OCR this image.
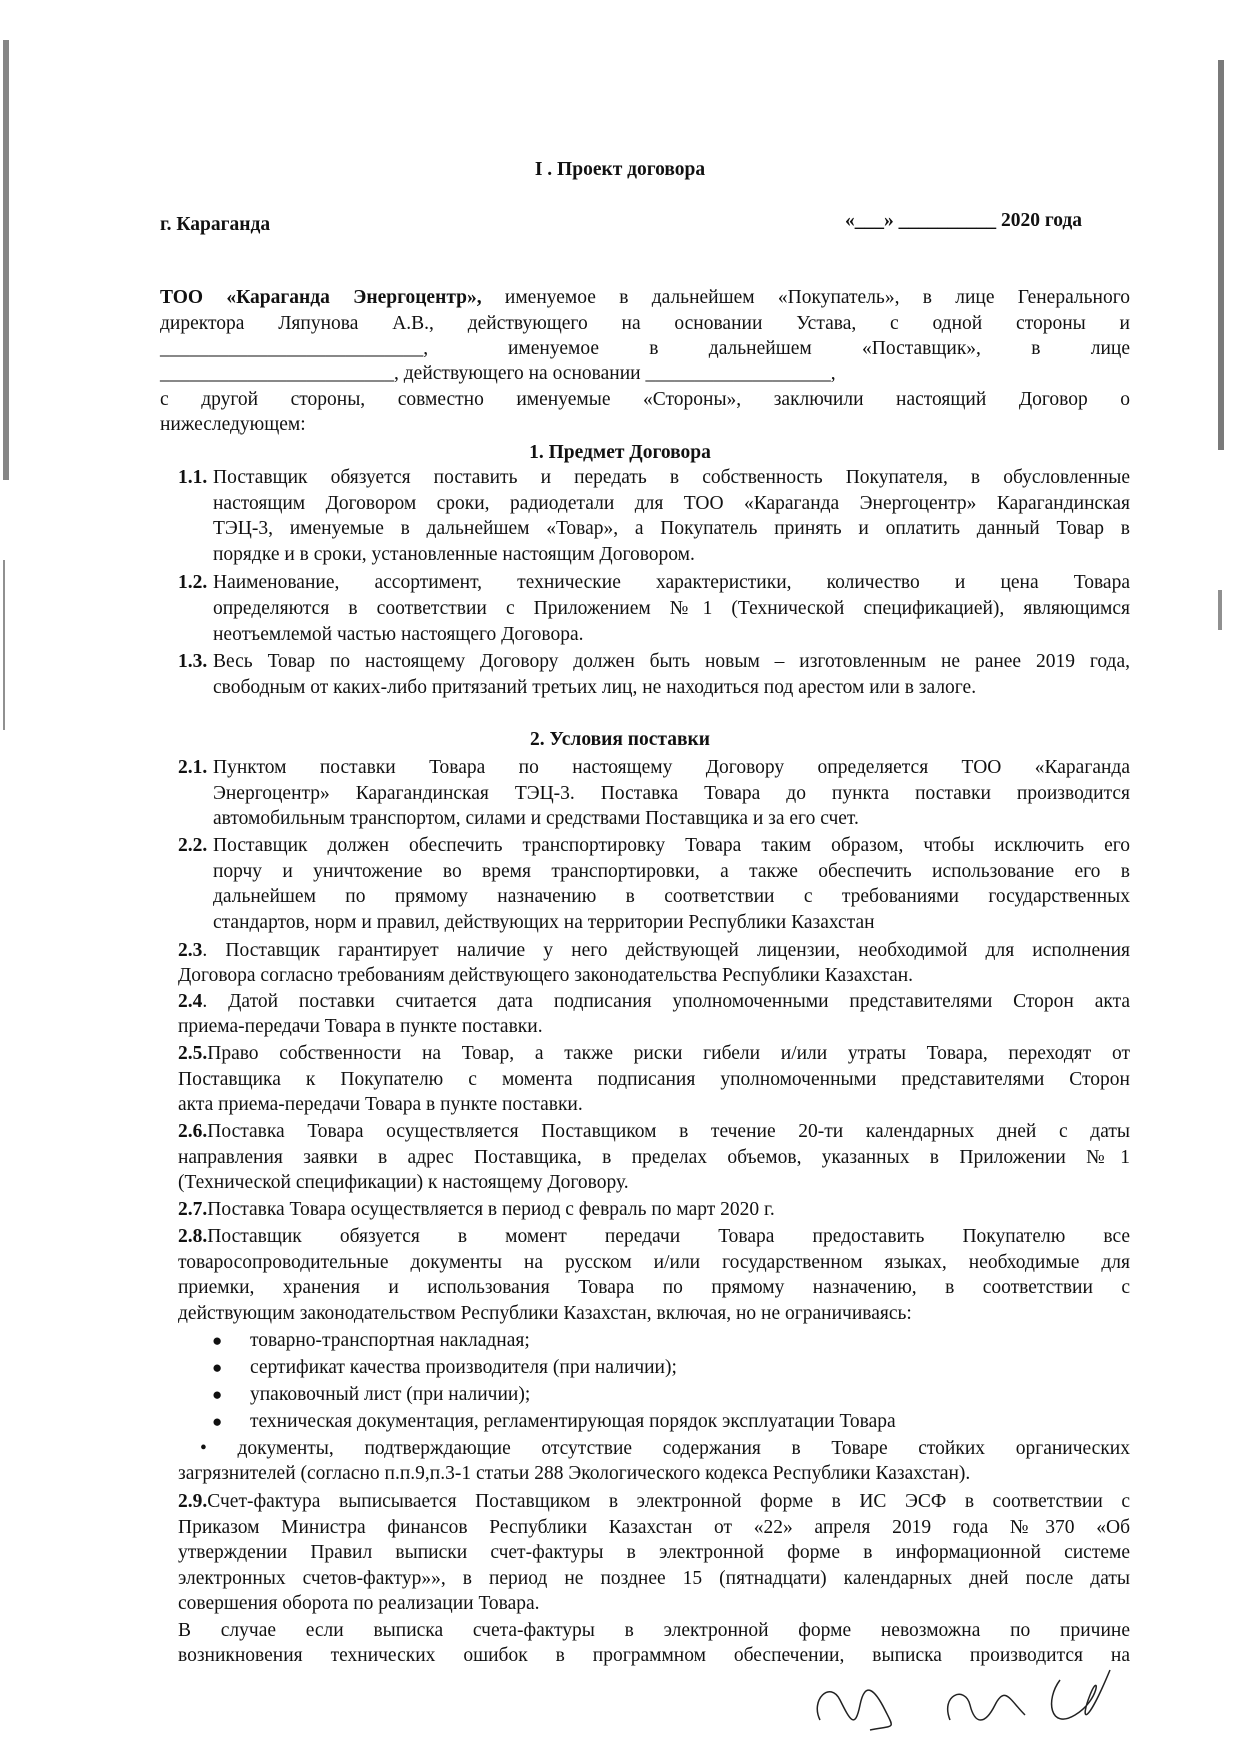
I . Проект договора
г. Караганда	«___» __________ 2020 года
ТОО «Караганда Энергоцентр», именуемое в дальнейшем «Покупатель», в лице Генерального
директора Ляпунова А.В., действующего на основании Устава, с одной стороны и
___________________________,	именуемое в дальнейшем «Поставщик», в лице
________________________, действующего на основании ___________________,
с другой стороны, совместно именуемые «Стороны», заключили настоящий Договор о
нижеследующем:
1. Предмет Договора
1.1. Поставщик обязуется поставить и передать в собственность Покупателя, в обусловленные
настоящим Договором сроки, радиодетали для ТОО «Караганда Энергоцентр» Карагандинская
ТЭЦ-3, именуемые в дальнейшем «Товар», а Покупатель принять и оплатить данный Товар в
порядке и в сроки, установленные настоящим Договором.
1.2. Наименование, ассортимент, технические характеристики, количество и цена Товара
определяются в соответствии с Приложением №1 (Технической спецификацией), являющимся
неотъемлемой частью настоящего Договора.
1.3. Весь Товар по настоящему Договору должен быть новым – изготовленным не ранее 2019 года,
свободным от каких-либо притязаний третьих лиц, не находиться под арестом или в залоге.
2. Условия поставки
2.1. Пунктом поставки Товара по настоящему Договору определяется ТОО «Караганда
Энергоцентр» Карагандинская ТЭЦ-3. Поставка Товара до пункта поставки производится
автомобильным транспортом, силами и средствами Поставщика и за его счет.
2.2. Поставщик должен обеспечить транспортировку Товара таким образом, чтобы исключить его
порчу и уничтожение во время транспортировки, а также обеспечить использование его в
дальнейшем по прямому назначению в соответствии с требованиями государственных
стандартов, норм и правил, действующих на территории Республики Казахстан
2.3. Поставщик гарантирует наличие у него действующей лицензии, необходимой для исполнения
Договора согласно требованиям действующего законодательства Республики Казахстан.
2.4. Датой поставки считается дата подписания уполномоченными представителями Сторон акта
приема-передачи Товара в пункте поставки.
2.5.Право собственности на Товар, а также риски гибели и/или утраты Товара, переходят от
Поставщика к Покупателю с момента подписания уполномоченными представителями Сторон
акта приема-передачи Товара в пункте поставки.
2.6.Поставка Товара осуществляется Поставщиком в течение 20-ти календарных дней с даты
направления заявки в адрес Поставщика, в пределах объемов, указанных в Приложении №1
(Технической спецификации) к настоящему Договору.
2.7.Поставка Товара осуществляется в период с февраль по март 2020 г.
2.8.Поставщик обязуется в момент передачи Товара предоставить Покупателю все
товаросопроводительные документы на русском и/или государственном языках, необходимые для
приемки, хранения и использования Товара по прямому назначению, в соответствии с
действующим законодательством Республики Казахстан, включая, но не ограничиваясь:
● товарно-транспортная накладная;
● сертификат качества производителя (при наличии);
● упаковочный лист (при наличии);
● техническая документация, регламентирующая порядок эксплуатации Товара
• документы, подтверждающие отсутствие содержания в Товаре стойких органических
загрязнителей (согласно п.п.9,п.3-1 статьи 288 Экологического кодекса Республики Казахстан).
2.9.Счет-фактура выписывается Поставщиком в электронной форме в ИС ЭСФ в соответствии с
Приказом Министра финансов Республики Казахстан от «22» апреля 2019 года №370 «Об
утверждении Правил выписки счет-фактуры в электронной форме в информационной системе
электронных счетов-фактур»», в период не позднее 15 (пятнадцати) календарных дней после даты
совершения оборота по реализации Товара.
В случае если выписка счета-фактуры в электронной форме невозможна по причине
возникновения технических ошибок в программном обеспечении, выписка производится на
